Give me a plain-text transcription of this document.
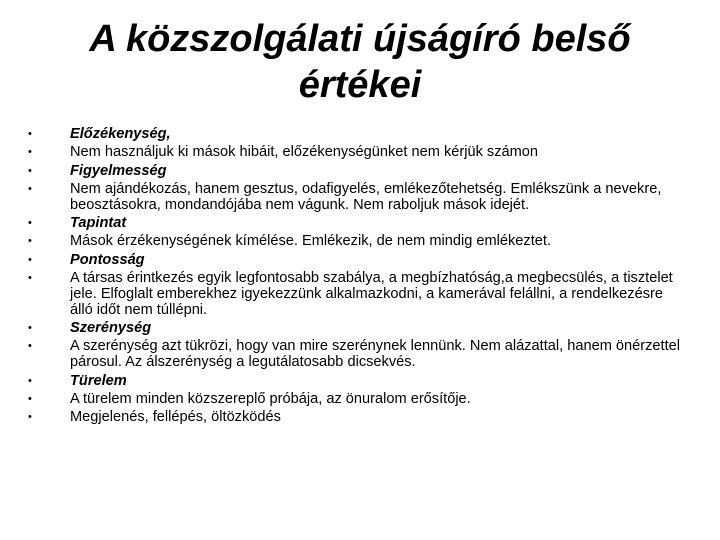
A közszolgálati újságíró belső értékei
•	Előzékenység,
•	Nem használjuk ki mások hibáit, előzékenységünket nem kérjük számon
•	Figyelmesség
•	Nem ajándékozás, hanem gesztus, odafigyelés, emlékezőtehetség. Emlékszünk a nevekre, beosztásokra, mondandójába nem vágunk. Nem raboljuk mások idejét.
•	Tapintat
•	Mások érzékenységének kímélése. Emlékezik, de nem mindig emlékeztet.
•	Pontosság
•	A társas érintkezés egyik legfontosabb szabálya, a megbízhatóság,a megbecsülés, a tisztelet jele. Elfoglalt emberekhez igyekezzünk alkalmazkodni, a kamerával felállni, a rendelkezésre álló időt nem túllépni.
•	Szerénység
•	A szerénység azt tükrözi, hogy van mire szerénynek lennünk. Nem alázattal, hanem önérzettel párosul. Az álszerénység a legutálatosabb dicsekvés.
•	Türelem
•	A türelem minden közszereplő próbája, az önuralom erősítője.
•	Megjelenés, fellépés, öltözködés
